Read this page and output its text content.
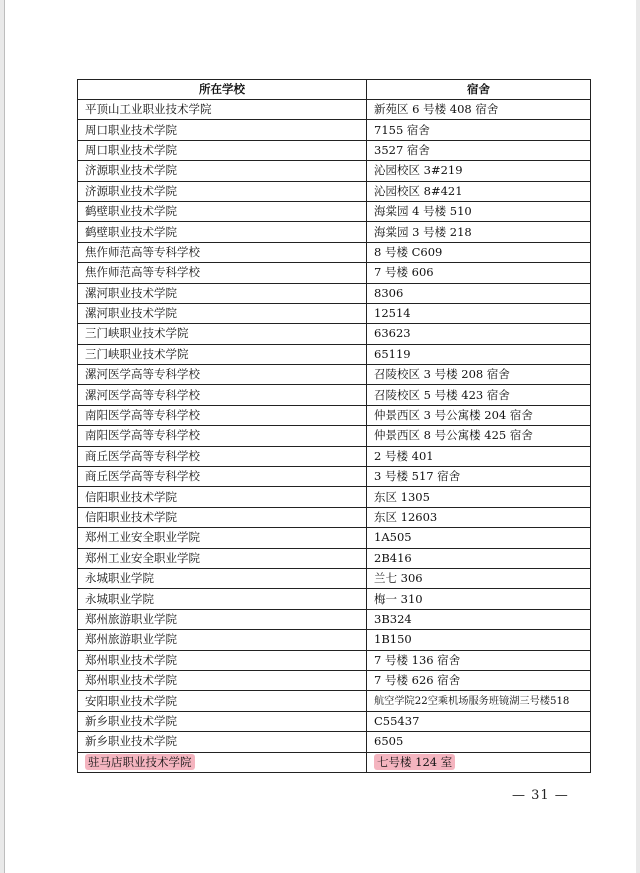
所在学校	宿舍
平顶山工业职业技术学院	新苑区 6 号楼 408 宿舍
周口职业技术学院	7155 宿舍
周口职业技术学院	3527 宿舍
济源职业技术学院	沁园校区 3#219
济源职业技术学院	沁园校区 8#421
鹤壁职业技术学院	海棠园 4 号楼 510
鹤壁职业技术学院	海棠园 3 号楼 218
焦作师范高等专科学校	8 号楼 C609
焦作师范高等专科学校	7 号楼 606
漯河职业技术学院	8306
漯河职业技术学院	12514
三门峡职业技术学院	63623
三门峡职业技术学院	65119
漯河医学高等专科学校	召陵校区 3 号楼 208 宿舍
漯河医学高等专科学校	召陵校区 5 号楼 423 宿舍
南阳医学高等专科学校	仲景西区 3 号公寓楼 204 宿舍
南阳医学高等专科学校	仲景西区 8 号公寓楼 425 宿舍
商丘医学高等专科学校	2 号楼 401
商丘医学高等专科学校	3 号楼 517 宿舍
信阳职业技术学院	东区 1305
信阳职业技术学院	东区 12603
郑州工业安全职业学院	1A505
郑州工业安全职业学院	2B416
永城职业学院	兰七 306
永城职业学院	梅一 310
郑州旅游职业学院	3B324
郑州旅游职业学院	1B150
郑州职业技术学院	7 号楼 136 宿舍
郑州职业技术学院	7 号楼 626 宿舍
安阳职业技术学院	航空学院22空乘机场服务班镜湖三号楼518
新乡职业技术学院	C55437
新乡职业技术学院	6505
驻马店职业技术学院	七号楼 124 室
— 31 —
